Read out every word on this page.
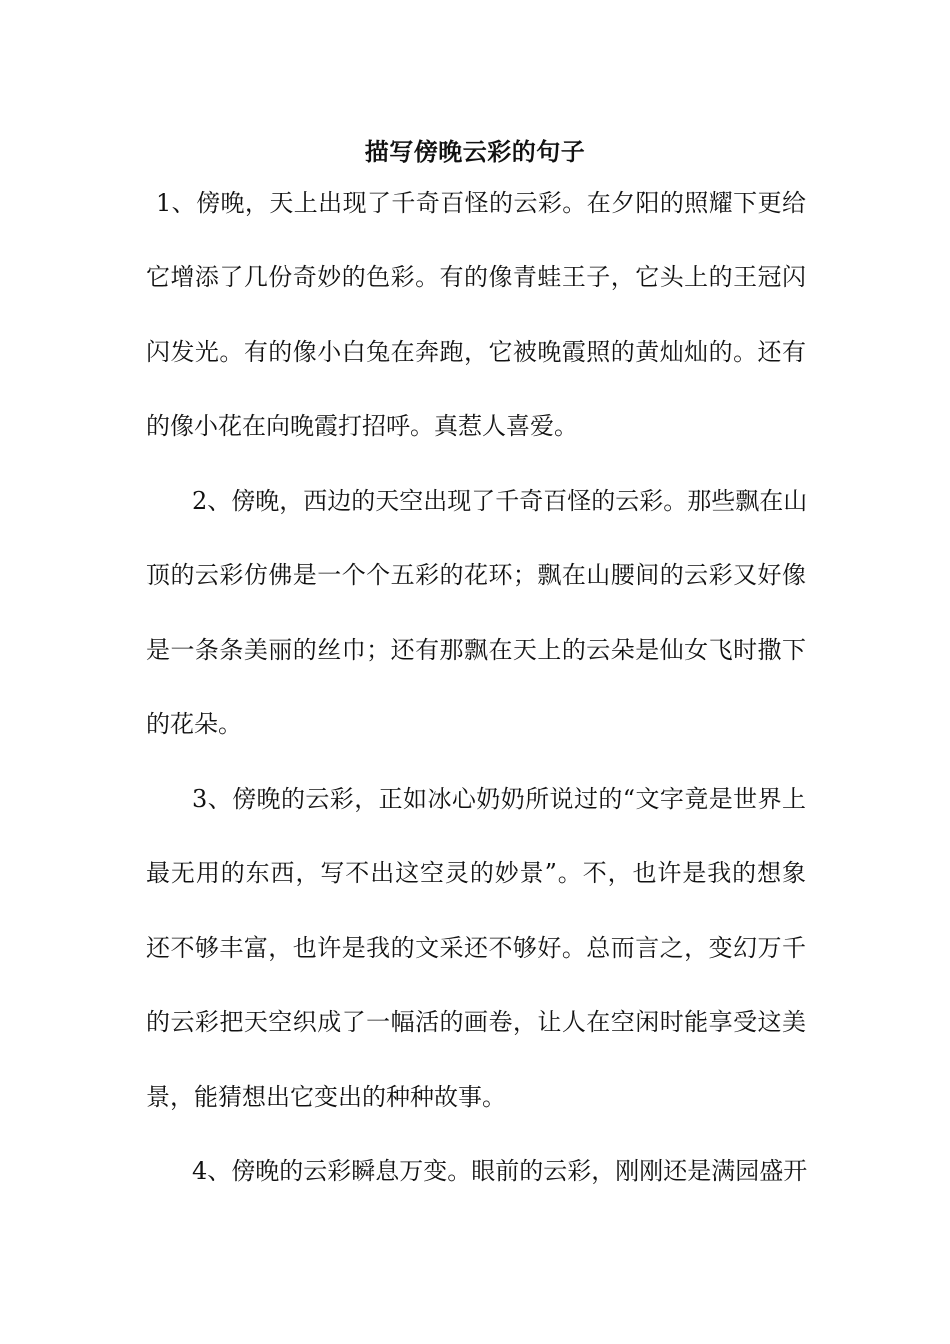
描写傍晚云彩的句子
1、傍晚，天上出现了千奇百怪的云彩。在夕阳的照耀下更给
它增添了几份奇妙的色彩。有的像青蛙王子，它头上的王冠闪
闪发光。有的像小白兔在奔跑，它被晚霞照的黄灿灿的。还有
的像小花在向晚霞打招呼。真惹人喜爱。
2、傍晚，西边的天空出现了千奇百怪的云彩。那些飘在山
顶的云彩仿佛是一个个五彩的花环；飘在山腰间的云彩又好像
是一条条美丽的丝巾；还有那飘在天上的云朵是仙女飞时撒下
的花朵。
3、傍晚的云彩，正如冰心奶奶所说过的“文字竟是世界上
最无用的东西，写不出这空灵的妙景”。不，也许是我的想象
还不够丰富，也许是我的文采还不够好。总而言之，变幻万千
的云彩把天空织成了一幅活的画卷，让人在空闲时能享受这美
景，能猜想出它变出的种种故事。
4、傍晚的云彩瞬息万变。眼前的云彩，刚刚还是满园盛开
